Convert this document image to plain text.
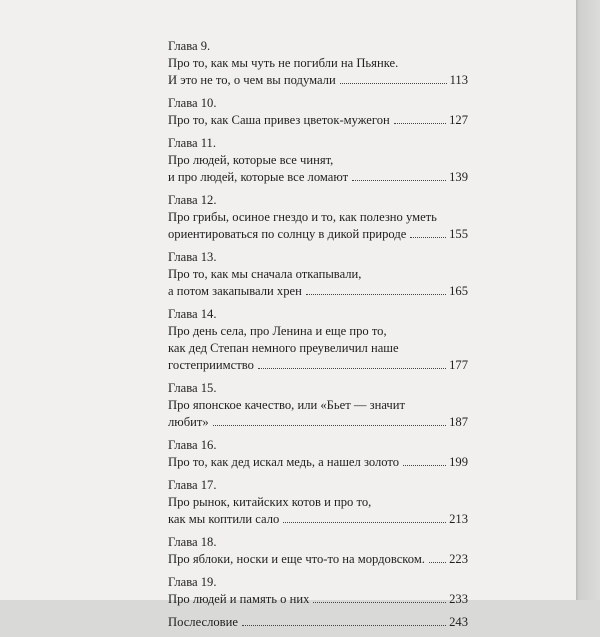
Глава 9.
Про то, как мы чуть не погибли на Пьянке.
И это не то, о чем вы подумали	113
Глава 10.
Про то, как Саша привез цветок-мужегон	127
Глава 11.
Про людей, которые все чинят,
и про людей, которые все ломают	139
Глава 12.
Про грибы, осиное гнездо и то, как полезно уметь
ориентироваться по солнцу в дикой природе	155
Глава 13.
Про то, как мы сначала откапывали,
а потом закапывали хрен	165
Глава 14.
Про день села, про Ленина и еще про то,
как дед Степан немного преувеличил наше
гостеприимство	177
Глава 15.
Про японское качество, или «Бьет — значит
любит»	187
Глава 16.
Про то, как дед искал медь, а нашел золото	199
Глава 17.
Про рынок, китайских котов и про то,
как мы коптили сало	213
Глава 18.
Про яблоки, носки и еще что-то на мордовском. 223
Глава 19.
Про людей и память о них	233
Послесловие	243
